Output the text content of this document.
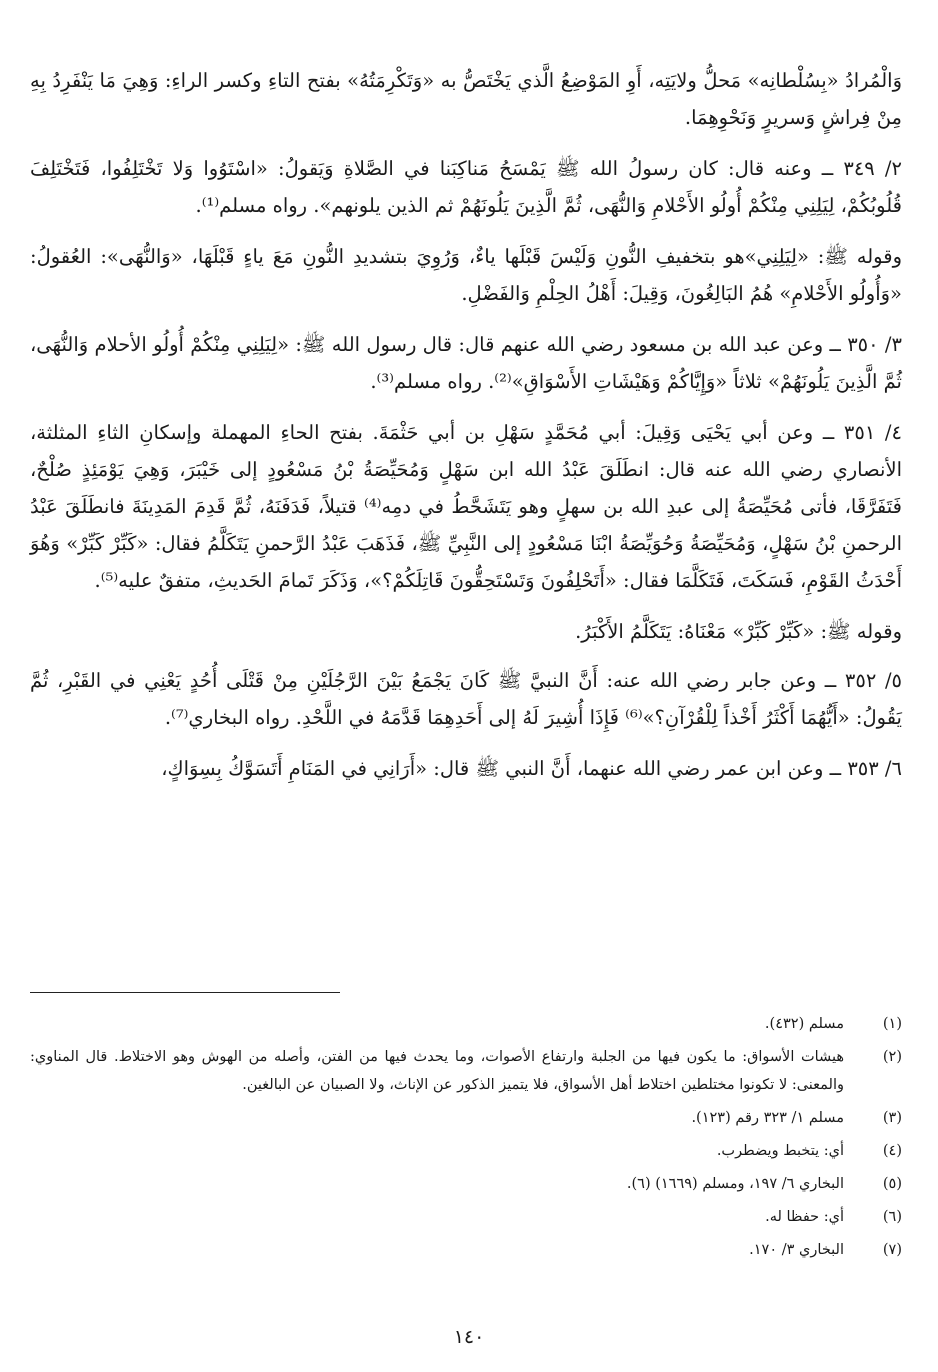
وَالْمُرادُ «بِسُلْطانِه» مَحلُّ ولايَتِه، أَوِ المَوْضِعُ الَّذي يَخْتَصُّ به «وَتَكْرِمَتُهُ» بفتح التاءِ وكسر الراءِ: وَهِيَ مَا يَنْفَرِدُ بِهِ مِنْ فِراشٍ وَسريرٍ وَنَحْوِهِمَا.

٢/ ٣٤٩ ــ وعنه قال: كان رسولُ الله ﷺ يَمْسَحُ مَناكِبَنا في الصَّلاةِ وَيَقولُ: «اسْتَوُوا وَلا تَخْتَلِفُوا، فَتَخْتَلِفَ قُلُوبُكُمْ، لِيَلِنِي مِنْكُمْ أُولُو الأَحْلامِ وَالنُّهَى، ثُمَّ الَّذِينَ يَلُونَهُمْ ثم الذين يلونهم». رواه مسلم⁽¹⁾.

وقوله ﷺ: «لِيَلِنِي»هو بتخفيفِ النُّونِ وَلَيْسَ قَبْلَها ياءٌ، وَرُوِيَ بتشديدِ النُّونِ مَعَ ياءٍ قَبْلَهَا، «وَالنُّهَى»: العُقولُ: «وَأُولُو الأَحْلامِ» هُمُ البَالِغُونَ، وَقِيلَ: أَهْلُ الحِلْمِ وَالفَضْلِ.

٣/ ٣٥٠ ــ وعن عبد الله بن مسعود رضي الله عنهم قال: قال رسول الله ﷺ: «لِيَلِنِي مِنْكُمْ أُولُو الأحلام وَالنُّهَى، ثُمَّ الَّذِينَ يَلُونَهُمْ» ثلاثاً «وَإِيَّاكُمْ وَهَيْشَاتِ الأَسْوَاقِ»⁽²⁾. رواه مسلم⁽³⁾.

٤/ ٣٥١ ــ وعن أبي يَحْيَى وَقِيلَ: أبي مُحَمَّدٍ سَهْلِ بن أبي حَثْمَةَ. بفتح الحاءِ المهملة وإسكانِ الثاءِ المثلثة، الأنصاري رضي الله عنه قال: انطَلَقَ عَبْدُ الله ابن سَهْلٍ وَمُحَيِّصَةُ بْنُ مَسْعُودٍ إلى خَيْبَرَ، وَهِيَ يَوْمَئِذٍ صُلْحٌ، فَتَفَرَّقَا، فأتى مُحَيِّصَةُ إلى عبدِ الله بن سهلٍ وهو يَتَشَحَّطُ في دمِه⁽⁴⁾ قتيلاً، فَدَفَنَهُ، ثُمَّ قَدِمَ المَدِينَةَ فانطَلَقَ عَبْدُ الرحمنِ بْنُ سَهْلٍ، وَمُحَيِّصَةُ وَحُوَيِّصَةُ ابْنَا مَسْعُودٍ إلى النَّبِيِّ ﷺ، فَذَهَبَ عَبْدُ الرَّحمنِ يَتَكَلَّمُ فقال: «كَبِّرْ كَبِّرْ» وَهُوَ أَحْدَثُ القَوْمِ، فَسَكَتَ، فَتَكَلَّمَا فقال: «أَتَحْلِفُونَ وَتَسْتَحِقُّونَ قَاتِلَكُمْ؟»، وَذَكَرَ تَمامَ الحَديثِ، متفقٌ عليه⁽⁵⁾.

وقوله ﷺ: «كَبِّرْ كَبِّرْ» مَعْنَاهُ: يَتَكَلَّمُ الأَكْبَرُ.

٥/ ٣٥٢ ــ وعن جابر رضي الله عنه: أَنَّ النبيَّ ﷺ كَانَ يَجْمَعُ بَيْنَ الرَّجُلَيْنِ مِنْ قَتْلَى أُحُدٍ يَعْنِي في القَبْرِ، ثُمَّ يَقُولُ: «أَيُّهُمَا أَكْثَرُ أَخْذاً لِلْقُرْآنِ؟»⁽⁶⁾ فَإِذَا أُشِيرَ لَهُ إلى أَحَدِهِمَا قَدَّمَهُ في اللَّحْدِ. رواه البخاري⁽⁷⁾.

٦/ ٣٥٣ ــ وعن ابن عمر رضي الله عنهما، أَنَّ النبي ﷺ قال: «أَرَانِي في المَنَامِ أَتَسَوَّكُ بِسِوَاكٍ،

(١)
مسلم (٤٣٢).
(٢)
هيشات الأسواق: ما يكون فيها من الجلبة وارتفاع الأصوات، وما يحدث فيها من الفتن، وأصله من الهوش وهو الاختلاط. قال المناوي: والمعنى: لا تكونوا مختلطين اختلاط أهل الأسواق، فلا يتميز الذكور عن الإناث، ولا الصبيان عن البالغين.
(٣)
مسلم ١/ ٣٢٣ رقم (١٢٣).
(٤)
أي: يتخبط ويضطرب.
(٥)
البخاري ٦/ ١٩٧، ومسلم (١٦٦٩) (٦).
(٦)
أي: حفظا له.
(٧)
البخاري ٣/ ١٧٠.
١٤٠
